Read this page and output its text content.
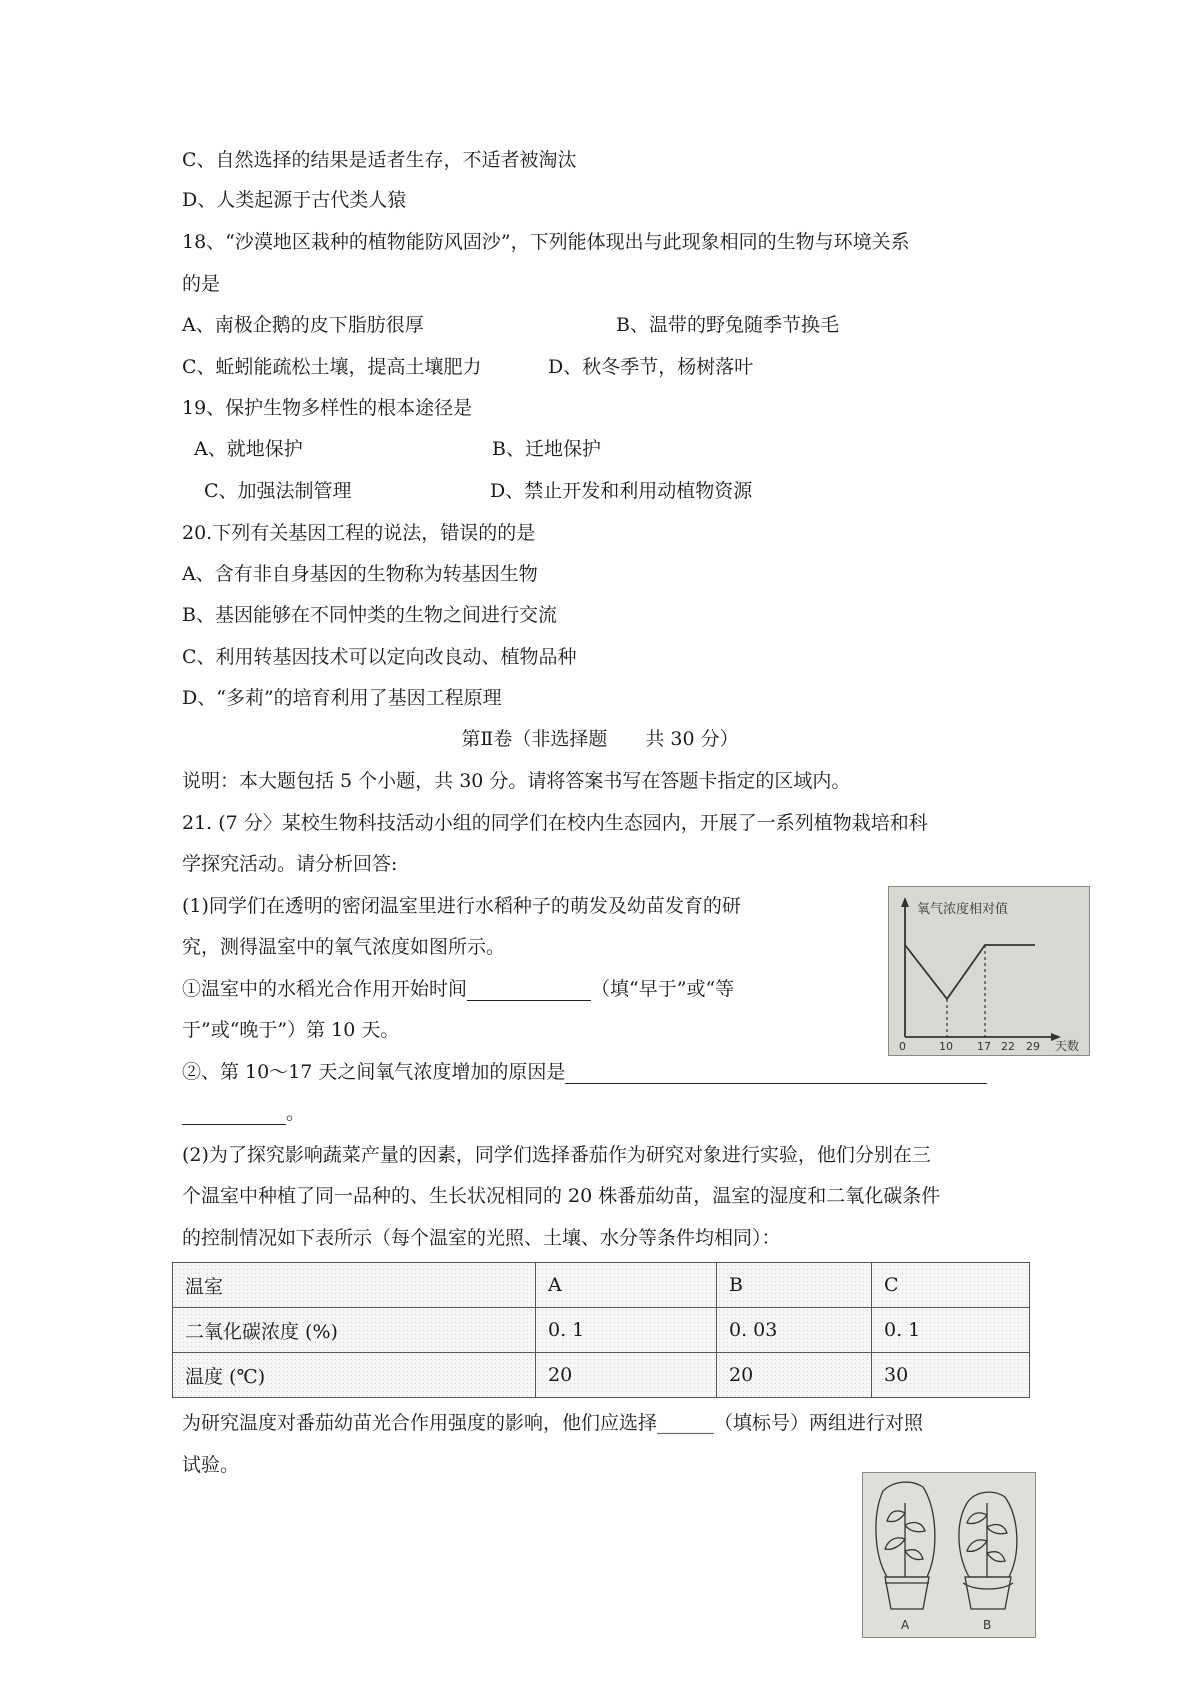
C、自然选择的结果是适者生存，不适者被淘汰
D、人类起源于古代类人猿
18、“沙漠地区栽种的植物能防风固沙”，下列能体现出与此现象相同的生物与环境关系
的是
A、南极企鹅的皮下脂肪很厚	B、温带的野兔随季节换毛
C、蚯蚓能疏松土壤，提高土壤肥力	D、秋冬季节，杨树落叶
19、保护生物多样性的根本途径是
A、就地保护	B、迁地保护
C、加强法制管理	D、禁止开发和利用动植物资源
20.下列有关基因工程的说法，错误的的是
A、含有非自身基因的生物称为转基因生物
B、基因能够在不同忡类的生物之间进行交流
C、利用转基因技术可以定向改良动、植物品种
D、“多莉”的培育利用了基因工程原理
第Ⅱ卷（非选择题　　共 30 分）
说明：本大题包括 5 个小题，共 30 分。请将答案书写在答题卡指定的区域内。
21. (7 分〉某校生物科技活动小组的同学们在校内生态园内，开展了一系列植物栽培和科
学探究活动。请分析回答:
(1)同学们在透明的密闭温室里进行水稻种子的萌发及幼苗发育的研
究，测得温室中的氧气浓度如图所示。
①温室中的水稻光合作用开始时间	（填“早于”或“等
于”或“晚于”）第 10 天。
②、第 10～17 天之间氧气浓度增加的原因是
。
(2)为了探究影响蔬菜产量的因素，同学们选择番茄作为研究对象进行实验，他们分别在三
个温室中种植了同一品种的、生长状况相同的 20 株番茄幼苗，温室的湿度和二氧化碳条件
的控制情况如下表所示（每个温室的光照、土壤、水分等条件均相同）：
温室	A	B	C
二氧化碳浓度 (%)	0. 1	0. 03	0. 1
温度 (℃)	20	20	30
为研究温度对番茄幼苗光合作用强度的影响，他们应选择______（填标号）两组进行对照
试验。
氧气浓度相对值
0	10 17 22 29 天数
A	B
